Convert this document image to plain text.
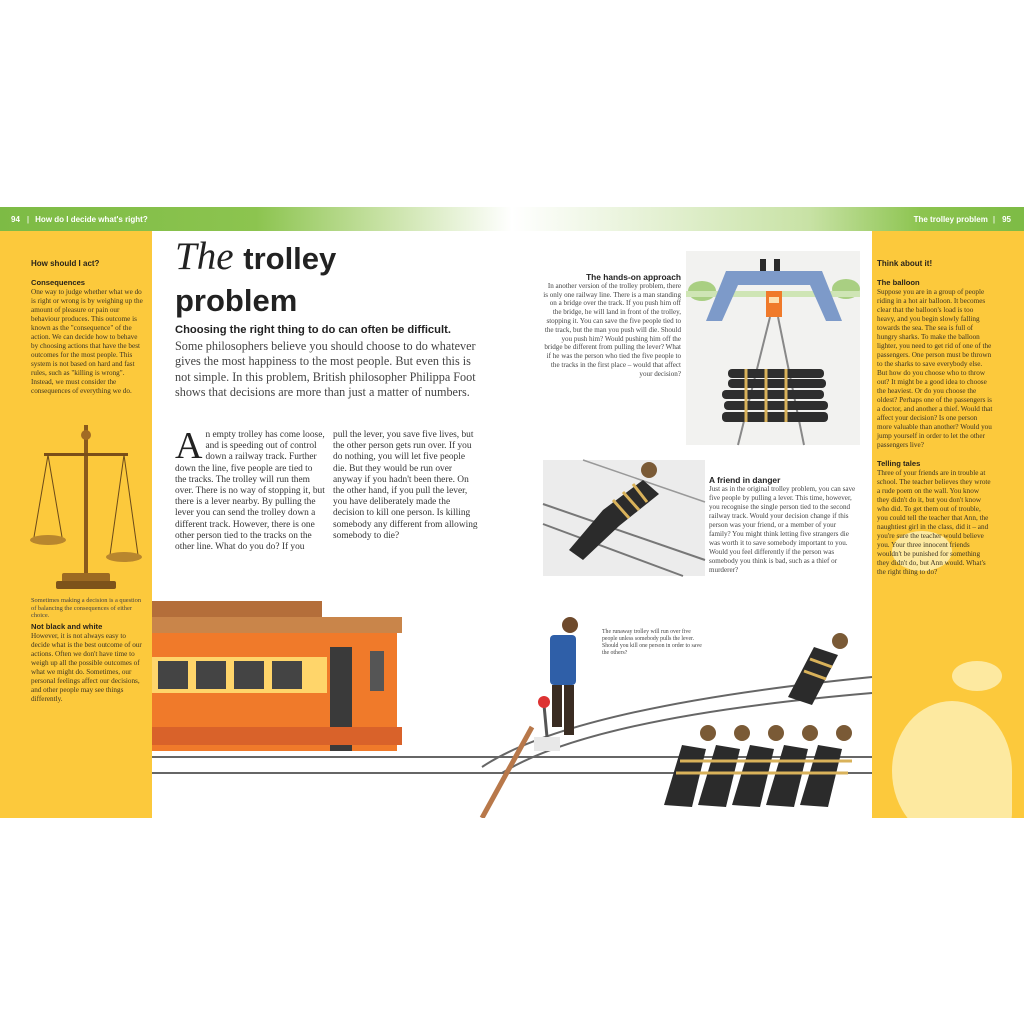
94 | How do I decide what's right?	The trolley problem | 95
How should I act?
Consequences

One way to judge whether what we do is right or wrong is by weighing up the amount of pleasure or pain our behaviour produces. This outcome is known as the "consequence" of the action. We can decide how to behave by choosing actions that have the best outcomes for the most people. This system is not based on hard and fast rules, such as "killing is wrong". Instead, we must consider the consequences of everything we do.

Sometimes making a decision is a question of balancing the consequences of either choice.

Not black and white

However, it is not always easy to decide what is the best outcome of our actions. Often we don't have time to weigh up all the possible outcomes of what we might do. Sometimes, our personal feelings affect our decisions, and other people may see things differently.

The trolley
problem
Choosing the right thing to do can often be difficult. Some philosophers believe you should choose to do whatever gives the most happiness to the most people. But even this is not simple. In this problem, British philosopher Philippa Foot shows that decisions are more than just a matter of numbers.
An empty trolley has come loose, and is speeding out of control down a railway track. Further down the line, five people are tied to the tracks. The trolley will run them over. There is no way of stopping it, but there is a lever nearby. By pulling the lever you can send the trolley down a different track. However, there is one other person tied to the tracks on the other line. What do you do? If you
pull the lever, you save five lives, but the other person gets run over. If you do nothing, you will let five people die. But they would be run over anyway if you hadn't been there. On the other hand, if you pull the lever, you have deliberately made the decision to kill one person. Is killing somebody any different from allowing somebody to die?
The hands-on approach

In another version of the trolley problem, there is only one railway line. There is a man standing on a bridge over the track. If you push him off the bridge, he will land in front of the trolley, stopping it. You can save the five people tied to the track, but the man you push will die. Should you push him? Would pushing him off the bridge be different from pulling the lever? What if he was the person who tied the five people to the tracks in the first place – would that affect your decision?

A friend in danger

Just as in the original trolley problem, you can save five people by pulling a lever. This time, however, you recognise the single person tied to the second railway track. Would your decision change if this person was your friend, or a member of your family? You might think letting five strangers die was worth it to save somebody important to you. Would you feel differently if the person was somebody you think is bad, such as a thief or murderer?

Think about it!
The balloon

Suppose you are in a group of people riding in a hot air balloon. It becomes clear that the balloon's load is too heavy, and you begin slowly falling towards the sea. The sea is full of hungry sharks. To make the balloon lighter, you need to get rid of one of the passengers. One person must be thrown to the sharks to save everybody else. But how do you choose who to throw out? It might be a good idea to choose the heaviest. Or do you choose the oldest? Perhaps one of the passengers is a doctor, and another a thief. Would that affect your decision? Is one person more valuable than another? Would you jump yourself in order to let the other passengers live?

Telling tales

Three of your friends are in trouble at school. The teacher believes they wrote a rude poem on the wall. You know they didn't do it, but you don't know who did. To get them out of trouble, you could tell the teacher that Ann, the naughtiest girl in the class, did it – and you're sure the teacher would believe you. Your three innocent friends wouldn't be punished for something they didn't do, but Ann would. What's the right thing to do?

The runaway trolley will run over five people unless somebody pulls the lever. Should you kill one person in order to save the others?
